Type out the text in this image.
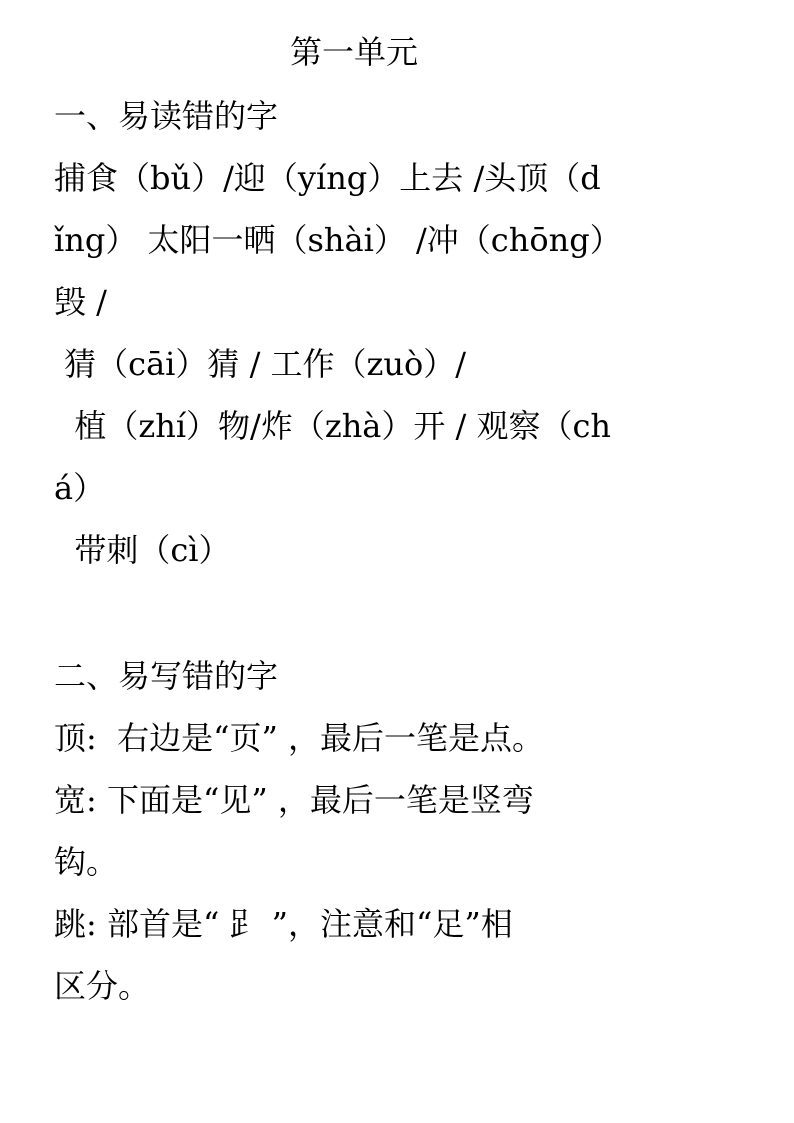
第一单元
一、易读错的字
捕食（bǔ）/迎（yíng）上去 /头顶（d
ǐng） 太阳一晒（shài） /冲（chōng）
毁 /
猜（cāi）猜 / 工作（zuò）/
植（zhí）物/炸（zhà）开 / 观察（ch
á）
带刺（cì）
二、易写错的字
顶:  右边是“页” ，最后一笔是点。
宽: 下面是“见” ，最后一笔是竖弯
钩。
跳: 部首是“ 𧾷 ”，注意和“足”相
区分。
